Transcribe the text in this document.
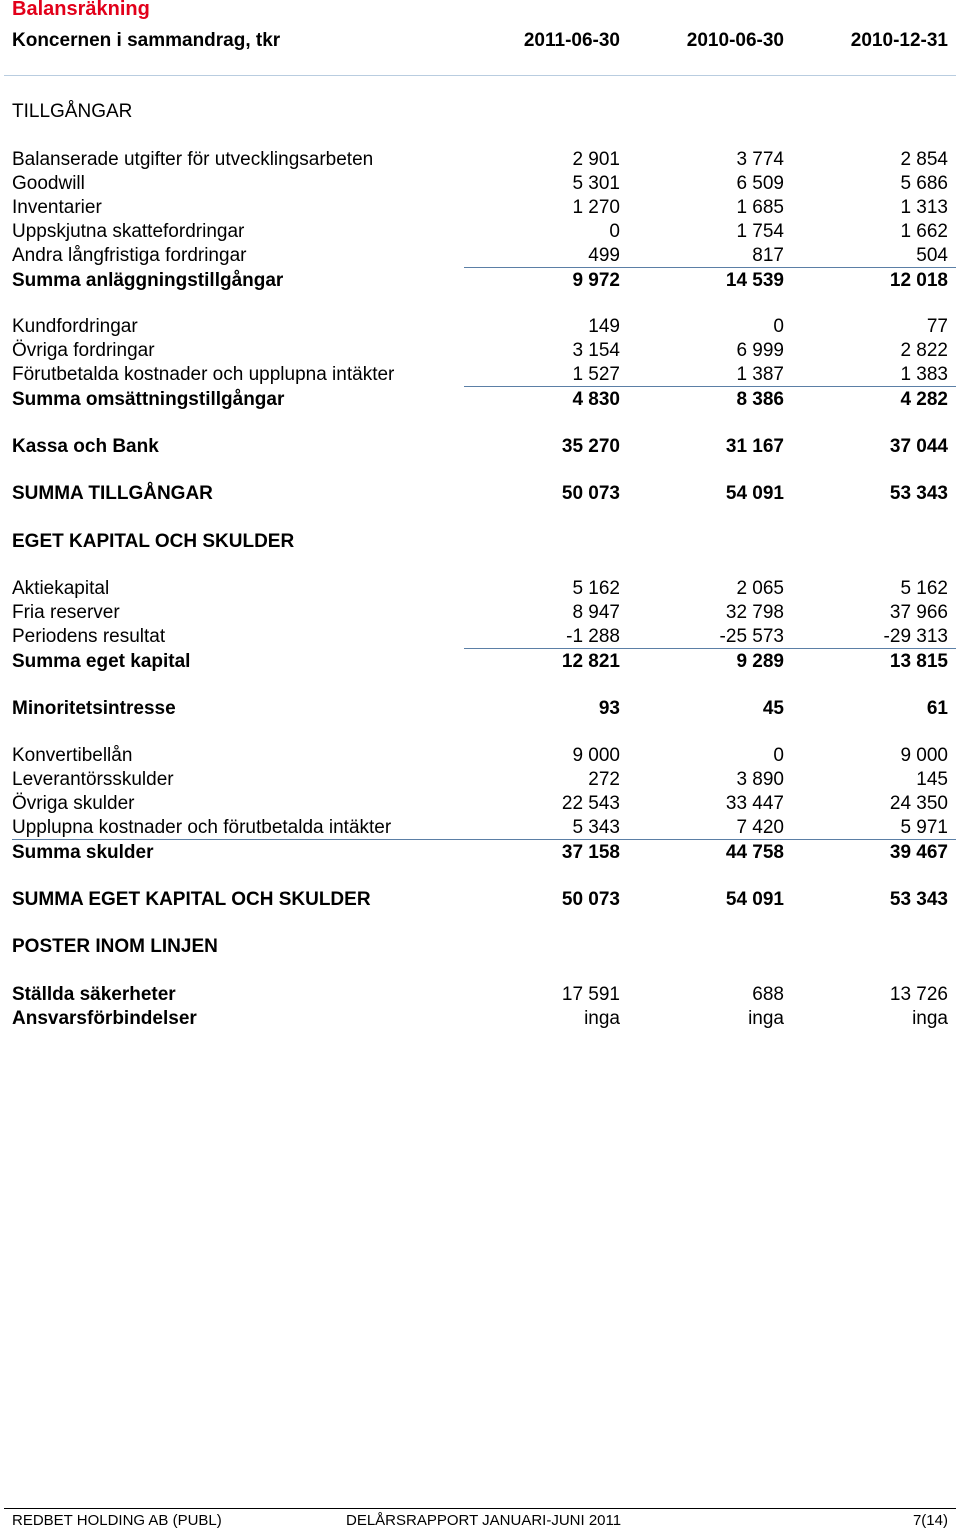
Balansräkning
Koncernen i sammandrag, tkr	2011-06-30	2010-06-30	2010-12-31
TILLGÅNGAR
Balanserade utgifter för utvecklingsarbeten	2 901	3 774	2 854
Goodwill	5 301	6 509	5 686
Inventarier	1 270	1 685	1 313
Uppskjutna skattefordringar	0	1 754	1 662
Andra långfristiga fordringar	499	817	504
Summa anläggningstillgångar	9 972	14 539	12 018
Kundfordringar	149	0	77
Övriga fordringar	3 154	6 999	2 822
Förutbetalda kostnader och upplupna intäkter	1 527	1 387	1 383
Summa omsättningstillgångar	4 830	8 386	4 282
Kassa och Bank	35 270	31 167	37 044
SUMMA TILLGÅNGAR	50 073	54 091	53 343
EGET KAPITAL OCH SKULDER
Aktiekapital	5 162	2 065	5 162
Fria reserver	8 947	32 798	37 966
Periodens resultat	-1 288	-25 573	-29 313
Summa eget kapital	12 821	9 289	13 815
Minoritetsintresse	93	45	61
Konvertibellån	9 000	0	9 000
Leverantörsskulder	272	3 890	145
Övriga skulder	22 543	33 447	24 350
Upplupna kostnader och förutbetalda intäkter	5 343	7 420	5 971
Summa skulder	37 158	44 758	39 467
SUMMA EGET KAPITAL OCH SKULDER	50 073	54 091	53 343
POSTER INOM LINJEN
Ställda säkerheter	17 591	688	13 726
Ansvarsförbindelser	inga	inga	inga
REDBET HOLDING AB (PUBL)	DELÅRSRAPPORT JANUARI-JUNI 2011	7(14)
